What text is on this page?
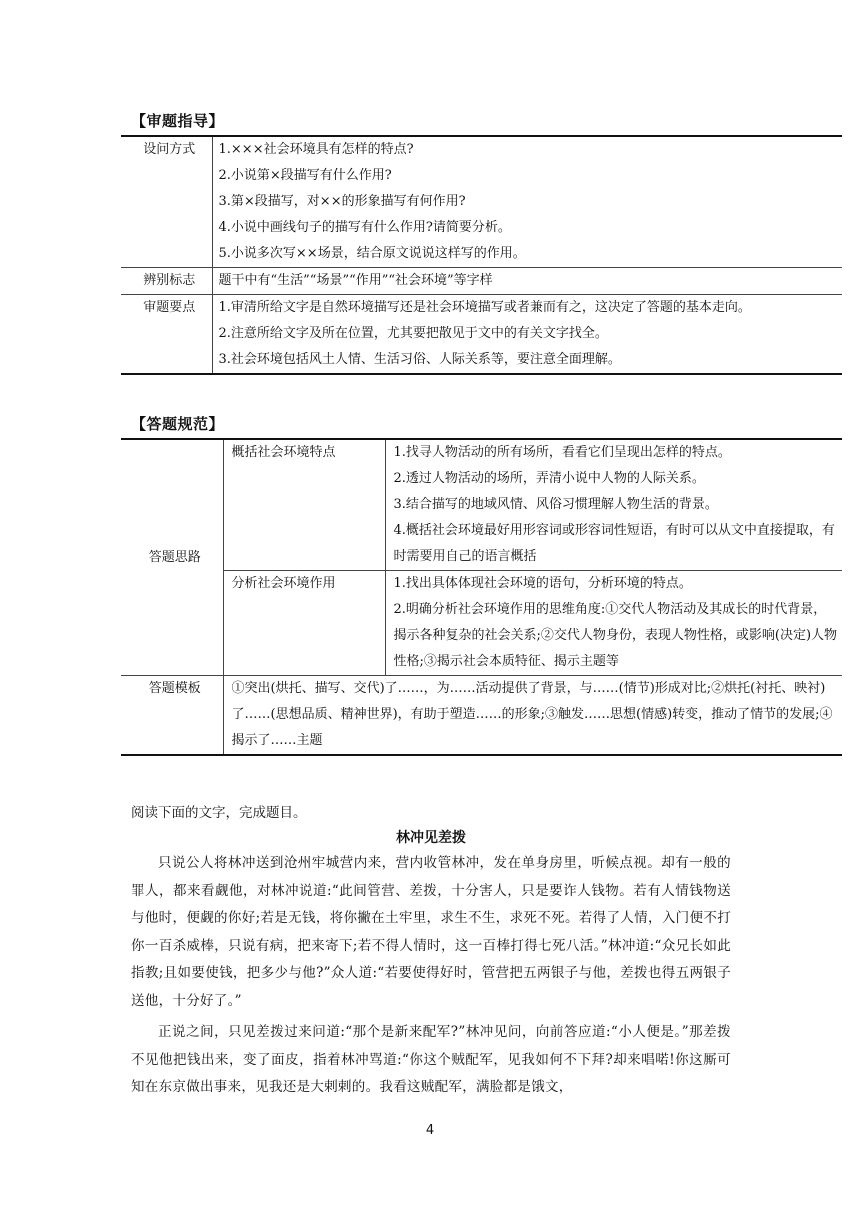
【审题指导】
设问方式	1.×××社会环境具有怎样的特点?
2.小说第×段描写有什么作用?
3.第×段描写，对××的形象描写有何作用?
4.小说中画线句子的描写有什么作用?请简要分析。
5.小说多次写××场景，结合原文说说这样写的作用。

辨别标志	题干中有“生活”“场景”“作用”“社会环境”等字样

审题要点	1.审清所给文字是自然环境描写还是社会环境描写或者兼而有之，这决定了答题的基本走向。
2.注意所给文字及所在位置，尤其要把散见于文中的有关文字找全。
3.社会环境包括风土人情、生活习俗、人际关系等，要注意全面理解。
【答题规范】
答题思路	概括社会环境特点	1.找寻人物活动的所有场所，看看它们呈现出怎样的特点。
2.透过人物活动的场所，弄清小说中人物的人际关系。
3.结合描写的地域风情、风俗习惯理解人物生活的背景。
4.概括社会环境最好用形容词或形容词性短语，有时可以从文中直接提取，有时需要用自己的语言概括

	分析社会环境作用	1.找出具体体现社会环境的语句，分析环境的特点。
2.明确分析社会环境作用的思维角度:①交代人物活动及其成长的时代背景，揭示各种复杂的社会关系;②交代人物身份，表现人物性格，或影响(决定)人物性格;③揭示社会本质特征、揭示主题等

答题模板	①突出(烘托、描写、交代)了……，为……活动提供了背景，与……(情节)形成对比;②烘托(衬托、映衬)了……(思想品质、精神世界)，有助于塑造……的形象;③触发……思想(情感)转变，推动了情节的发展;④揭示了……主题	
阅读下面的文字，完成题目。
林冲见差拨

只说公人将林冲送到沧州牢城营内来，营内收管林冲，发在单身房里，听候点视。却有一般的罪人，都来看觑他，对林冲说道:“此间管营、差拨，十分害人，只是要诈人钱物。若有人情钱物送与他时，便觑的你好;若是无钱，将你撇在土牢里，求生不生，求死不死。若得了人情，入门便不打你一百杀威棒，只说有病，把来寄下;若不得人情时，这一百棒打得七死八活。”林冲道:“众兄长如此指教;且如要使钱，把多少与他?”众人道:“若要使得好时，管营把五两银子与他，差拨也得五两银子送他，十分好了。”

正说之间，只见差拨过来问道:“那个是新来配军?”林冲见问，向前答应道:“小人便是。”那差拨不见他把钱出来，变了面皮，指着林冲骂道:“你这个贼配军，见我如何不下拜?却来唱喏!你这厮可知在东京做出事来，见我还是大剌剌的。我看这贼配军，满脸都是饿文，

4
